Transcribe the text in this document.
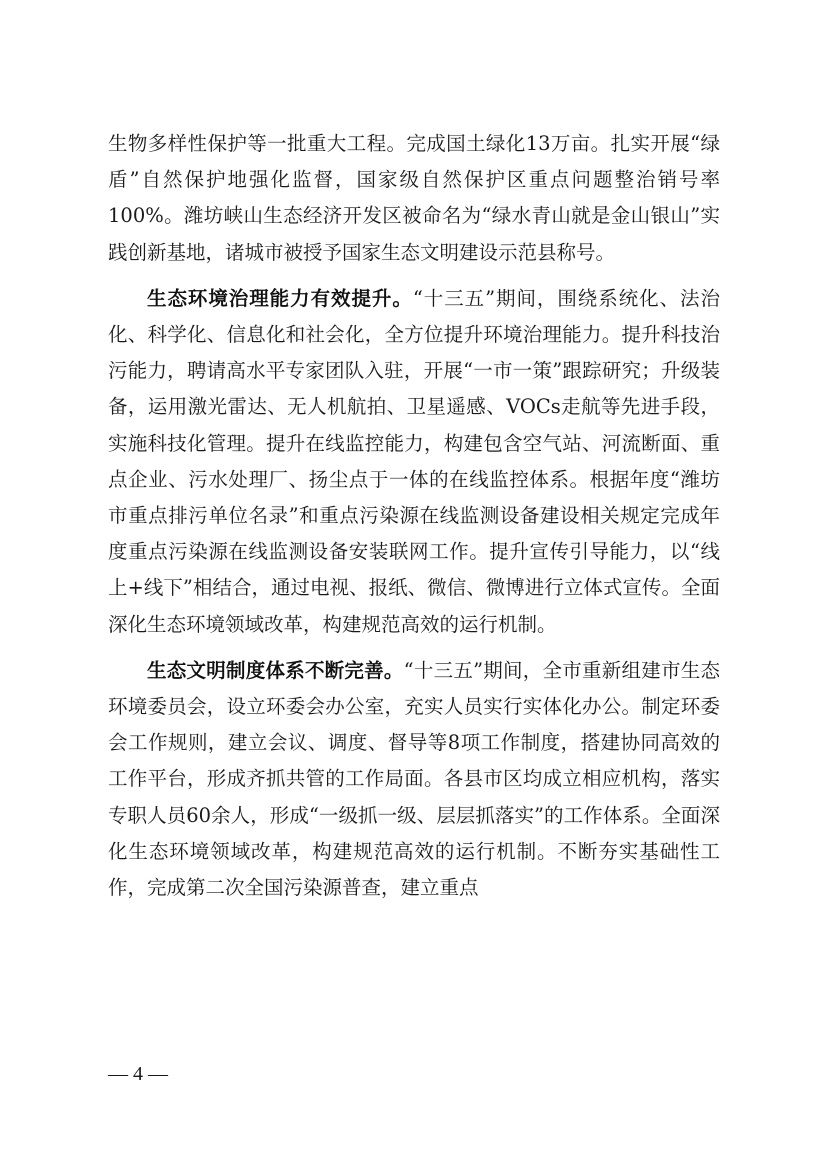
生物多样性保护等一批重大工程。完成国土绿化13万亩。扎实开展“绿盾”自然保护地强化监督，国家级自然保护区重点问题整治销号率100%。潍坊峡山生态经济开发区被命名为“绿水青山就是金山银山”实践创新基地，诸城市被授予国家生态文明建设示范县称号。

生态环境治理能力有效提升。“十三五”期间，围绕系统化、法治化、科学化、信息化和社会化，全方位提升环境治理能力。提升科技治污能力，聘请高水平专家团队入驻，开展“一市一策”跟踪研究；升级装备，运用激光雷达、无人机航拍、卫星遥感、VOCs走航等先进手段，实施科技化管理。提升在线监控能力，构建包含空气站、河流断面、重点企业、污水处理厂、扬尘点于一体的在线监控体系。根据年度“潍坊市重点排污单位名录”和重点污染源在线监测设备建设相关规定完成年度重点污染源在线监测设备安装联网工作。提升宣传引导能力，以“线上+线下”相结合，通过电视、报纸、微信、微博进行立体式宣传。全面深化生态环境领域改革，构建规范高效的运行机制。

生态文明制度体系不断完善。“十三五”期间，全市重新组建市生态环境委员会，设立环委会办公室，充实人员实行实体化办公。制定环委会工作规则，建立会议、调度、督导等8项工作制度，搭建协同高效的工作平台，形成齐抓共管的工作局面。各县市区均成立相应机构，落实专职人员60余人，形成“一级抓一级、层层抓落实”的工作体系。全面深化生态环境领域改革，构建规范高效的运行机制。不断夯实基础性工作，完成第二次全国污染源普查，建立重点

— 4 —
